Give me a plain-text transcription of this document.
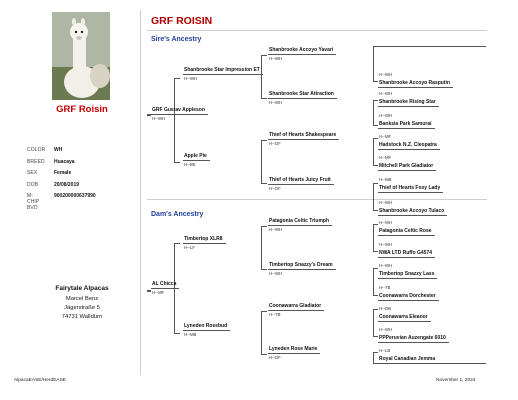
GRF Roisin
COLOR WH
BREED Huacaya
SEX	Female
DOB	20/08/2019
M-CHIP
900200000637990
BVD
Fairytale Alpacas
Marcel Benz
Jägerstraße 5
74731 Walldürn
AlpacaEASE/HerdEASE	November 1, 2024
GRF ROISIN
Sire's Ancestry
Dam's Ancestry
GRF Gustav Appleson
H--WH
AL Chicca
H--MF
Shanbrooke Star Impression ET
H--WH
Apple Pie
H--BE
Timbertop XLR8
H--LF
Lyneden Rosebud
H--MB
Shanbrooke Accoyo Yavari
H--WH
Shanbrooke Star Attraction
H--WH
Thief of Hearts Shakespeare
H--DF
Thief of Hearts Juicy Fruit
H--DF
Patagonia Celtic Triumph
H--WH
Timbertop Snazzy's Dream
H--WH
Coonawarra Gladiator
H--TB
Lyneden Rose Marie
H--DF
H--WH
Shanbrooke Accoyo Rasputin
H--WH
Shanbrooke Rising Star
H--WH
Banksia Park Samurai
H--MF
Hadstock N.Z. Cleopatra
H--MF
Mitchell Park Gladiator
H--MB
Thief of Hearts Foxy Lady
H--WH
Shanbrooke Accoyo Tulaco
H--WH
Patagonia Celtic Rose
H--WH
NWA LTD Ruffo G4574
H--WH
Timbertop Snazzy Lass
H--TB
Coonawarra Dorchester
H--DB
Coonawarra Eleanor
H--WH
PPPeruvian Auzengate 6010
H--LB
Royal Canadian Jemma
